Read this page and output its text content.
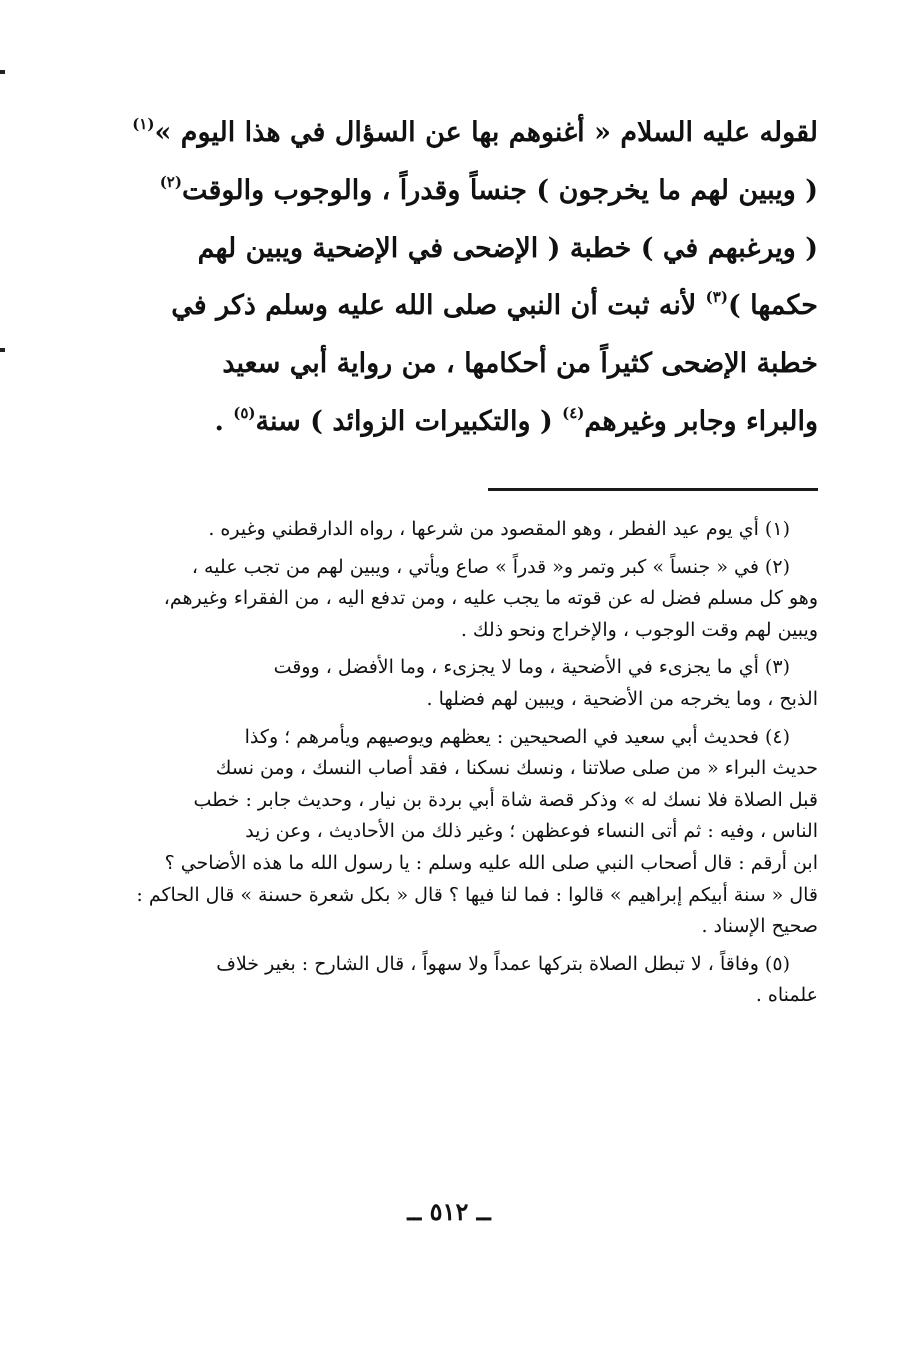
لقوله عليه السلام « أغنوهم بها عن السؤال في هذا اليوم »$^{(١)}$
( ويبين لهم ما يخرجون ) جنساً وقدراً ، والوجوب والوقت$^{(٢)}$
( ويرغبهم في ) خطبة ( الإضحى في الإضحية ويبين لهم
حكمها )$^{(٣)}$ لأنه ثبت أن النبي صلى الله عليه وسلم ذكر في
خطبة الإضحى كثيراً من أحكامها ، من رواية أبي سعيد
والبراء وجابر وغيرهم$^{(٤)}$ ( والتكبيرات الزوائد ) سنة$^{(٥)}$ .
(١) أي يوم عيد الفطر ، وهو المقصود من شرعها ، رواه الدارقطني وغيره .
(٢) في « جنساً » كبر وتمر و« قدراً » صاع ويأتي ، ويبين لهم من تجب عليه ،
وهو كل مسلم فضل له عن قوته ما يجب عليه ، ومن تدفع اليه ، من الفقراء وغيرهم،
ويبين لهم وقت الوجوب ، والإخراج ونحو ذلك .
(٣) أي ما يجزىء في الأضحية ، وما لا يجزىء ، وما الأفضل ، ووقت
الذبح ، وما يخرجه من الأضحية ، ويبين لهم فضلها .
(٤) فحديث أبي سعيد في الصحيحين : يعظهم ويوصيهم ويأمرهم ؛ وكذا
حديث البراء « من صلى صلاتنا ، ونسك نسكنا ، فقد أصاب النسك ، ومن نسك
قبل الصلاة فلا نسك له » وذكر قصة شاة أبي بردة بن نيار ، وحديث جابر : خطب
الناس ، وفيه : ثم أتى النساء فوعظهن ؛ وغير ذلك من الأحاديث ، وعن زيد
ابن أرقم : قال أصحاب النبي صلى الله عليه وسلم : يا رسول الله ما هذه الأضاحي ؟
قال « سنة أبيكم إبراهيم » قالوا : فما لنا فيها ؟ قال « بكل شعرة حسنة » قال الحاكم :
صحيح الإسناد .
(٥) وفاقاً ، لا تبطل الصلاة بتركها عمداً ولا سهواً ، قال الشارح : بغير خلاف
علمناه .
ــ ٥١٢ ــ
